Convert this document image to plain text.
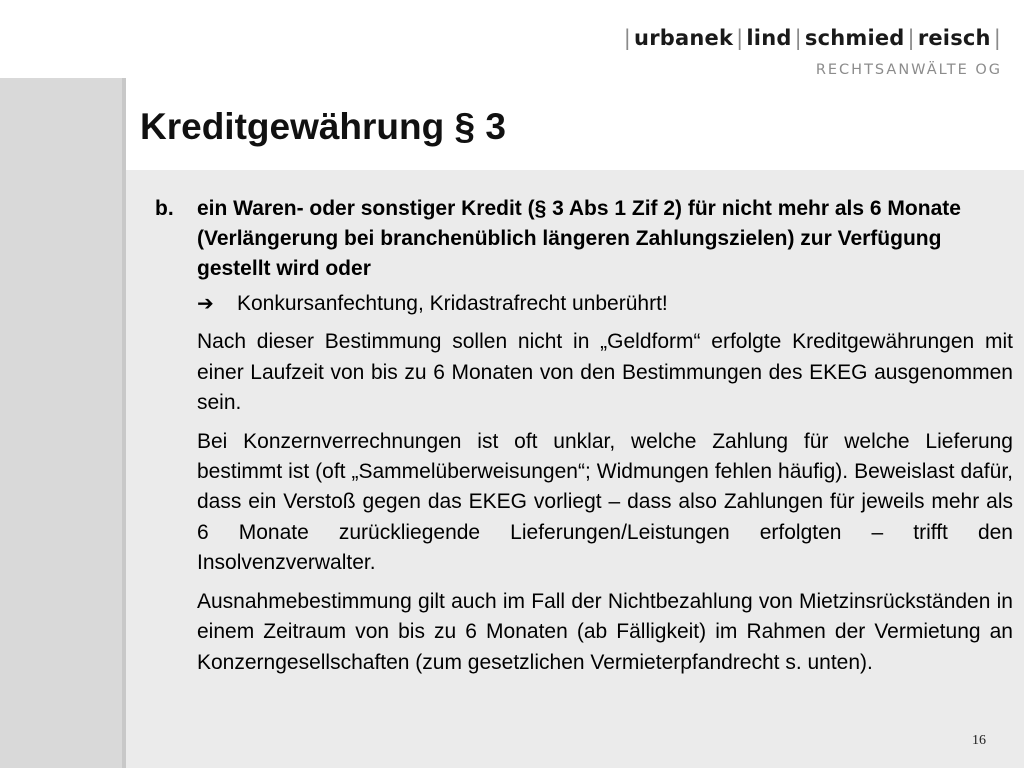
| urbanek | lind | schmied | reisch |
RECHTSANWÄLTE OG
Kreditgewährung § 3
b.	ein Waren- oder sonstiger Kredit (§ 3 Abs 1 Zif 2) für nicht mehr als 6 Monate (Verlängerung bei branchenüblich längeren Zahlungszielen) zur Verfügung gestellt wird oder
➔	Konkursanfechtung, Kridastrafrecht unberührt!

Nach dieser Bestimmung sollen nicht in „Geldform“ erfolgte Kreditgewährungen mit einer Laufzeit von bis zu 6 Monaten von den Bestimmungen des EKEG ausgenommen sein.

Bei Konzernverrechnungen ist oft unklar, welche Zahlung für welche Lieferung bestimmt ist (oft „Sammelüberweisungen“; Widmungen fehlen häufig). Beweislast dafür, dass ein Verstoß gegen das EKEG vorliegt – dass also Zahlungen für jeweils mehr als 6 Monate zurückliegende Lieferungen/Leistungen erfolgten – trifft den Insolvenzverwalter.

Ausnahmebestimmung gilt auch im Fall der Nichtbezahlung von Mietzinsrückständen in einem Zeitraum von bis zu 6 Monaten (ab Fälligkeit) im Rahmen der Vermietung an Konzerngesellschaften (zum gesetzlichen Vermieterpfandrecht s. unten).

16
